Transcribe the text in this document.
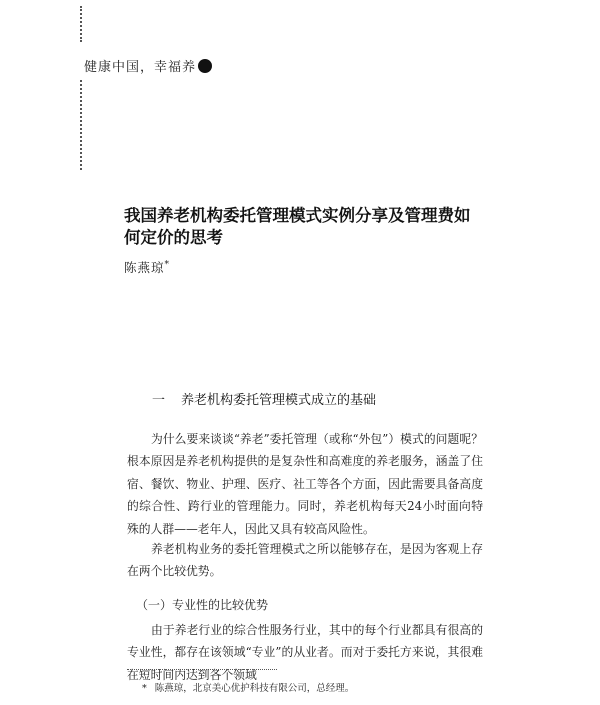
健康中国，幸福养
我国养老机构委托管理模式实例分享及管理费如何定价的思考
陈燕琼*
一 养老机构委托管理模式成立的基础

为什么要来谈谈“养老”委托管理（或称“外包”）模式的问题呢？根本原因是养老机构提供的是复杂性和高难度的养老服务，涵盖了住宿、餐饮、物业、护理、医疗、社工等各个方面，因此需要具备高度的综合性、跨行业的管理能力。同时，养老机构每天24小时面向特殊的人群——老年人，因此又具有较高风险性。

养老机构业务的委托管理模式之所以能够存在，是因为客观上存在两个比较优势。

（一）专业性的比较优势

由于养老行业的综合性服务行业，其中的每个行业都具有很高的专业性，都存在该领域“专业”的从业者。而对于委托方来说，其很难在短时间内达到各个领域

* 陈燕琼，北京美心优护科技有限公司，总经理。
